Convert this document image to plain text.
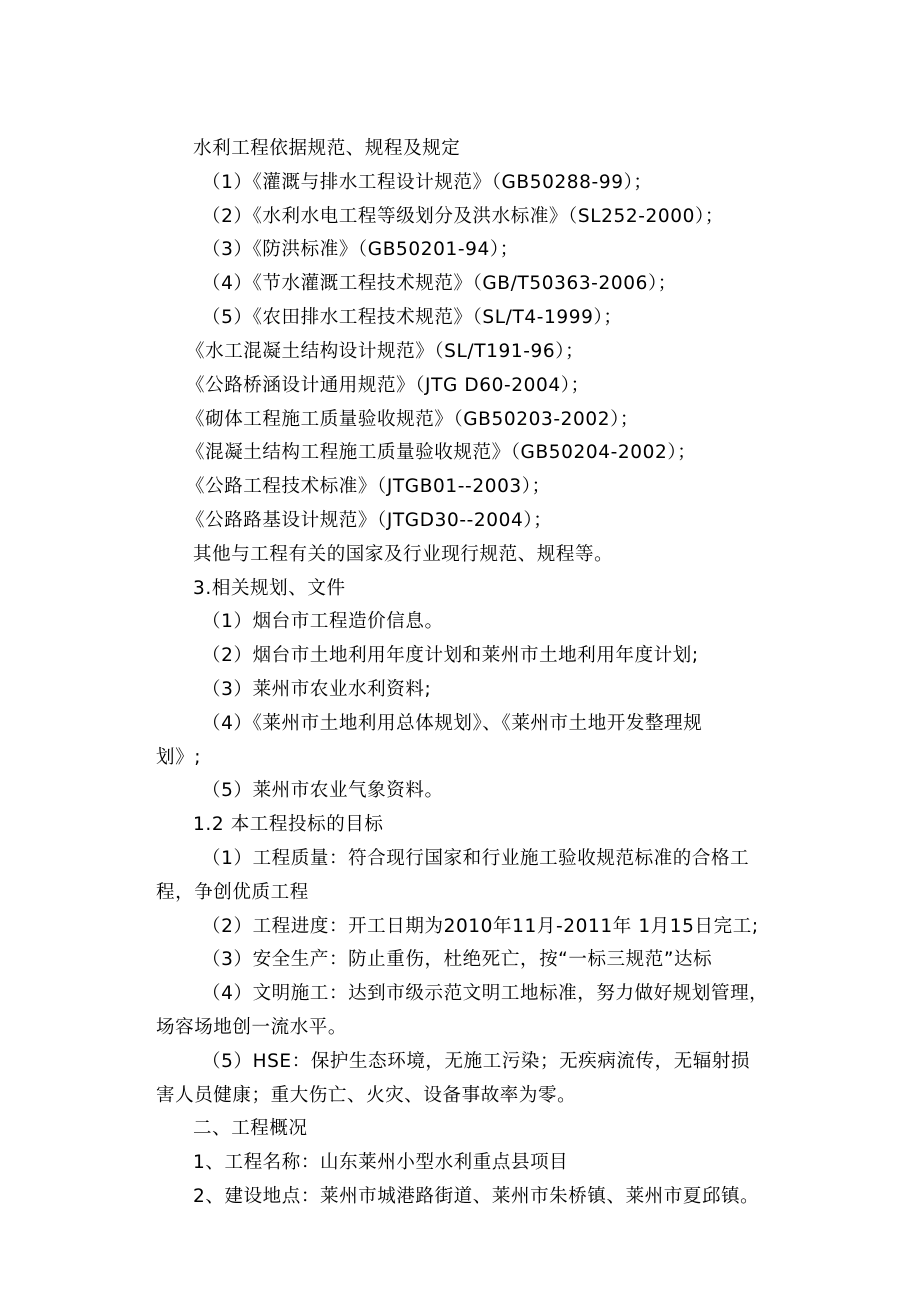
水利工程依据规范、规程及规定
（1）《灌溉与排水工程设计规范》（GB50288-99）；
（2）《水利水电工程等级划分及洪水标准》（SL252-2000）；
（3）《防洪标准》（GB50201-94）；
（4）《节水灌溉工程技术规范》（GB/T50363-2006）；
（5）《农田排水工程技术规范》（SL/T4-1999）；
《水工混凝土结构设计规范》（SL/T191-96）；
《公路桥涵设计通用规范》（JTG D60-2004）；
《砌体工程施工质量验收规范》（GB50203-2002）；
《混凝土结构工程施工质量验收规范》（GB50204-2002）；
《公路工程技术标准》（JTGB01--2003）；
《公路路基设计规范》（JTGD30--2004）；
其他与工程有关的国家及行业现行规范、规程等。
3.相关规划、文件
（1）烟台市工程造价信息。
（2）烟台市土地利用年度计划和莱州市土地利用年度计划;
（3）莱州市农业水利资料;
（4）《莱州市土地利用总体规划》、《莱州市土地开发整理规
划》;
（5）莱州市农业气象资料。
1.2 本工程投标的目标
（1）工程质量：符合现行国家和行业施工验收规范标准的合格工
程，争创优质工程
（2）工程进度：开工日期为2010年11月-2011年 1月15日完工;
（3）安全生产：防止重伤，杜绝死亡，按“一标三规范”达标
（4）文明施工：达到市级示范文明工地标准，努力做好规划管理，
场容场地创一流水平。
（5）HSE：保护生态环境，无施工污染；无疾病流传，无辐射损
害人员健康；重大伤亡、火灾、设备事故率为零。
二、工程概况
1、工程名称：山东莱州小型水利重点县项目
2、建设地点：莱州市城港路街道、莱州市朱桥镇、莱州市夏邱镇。
